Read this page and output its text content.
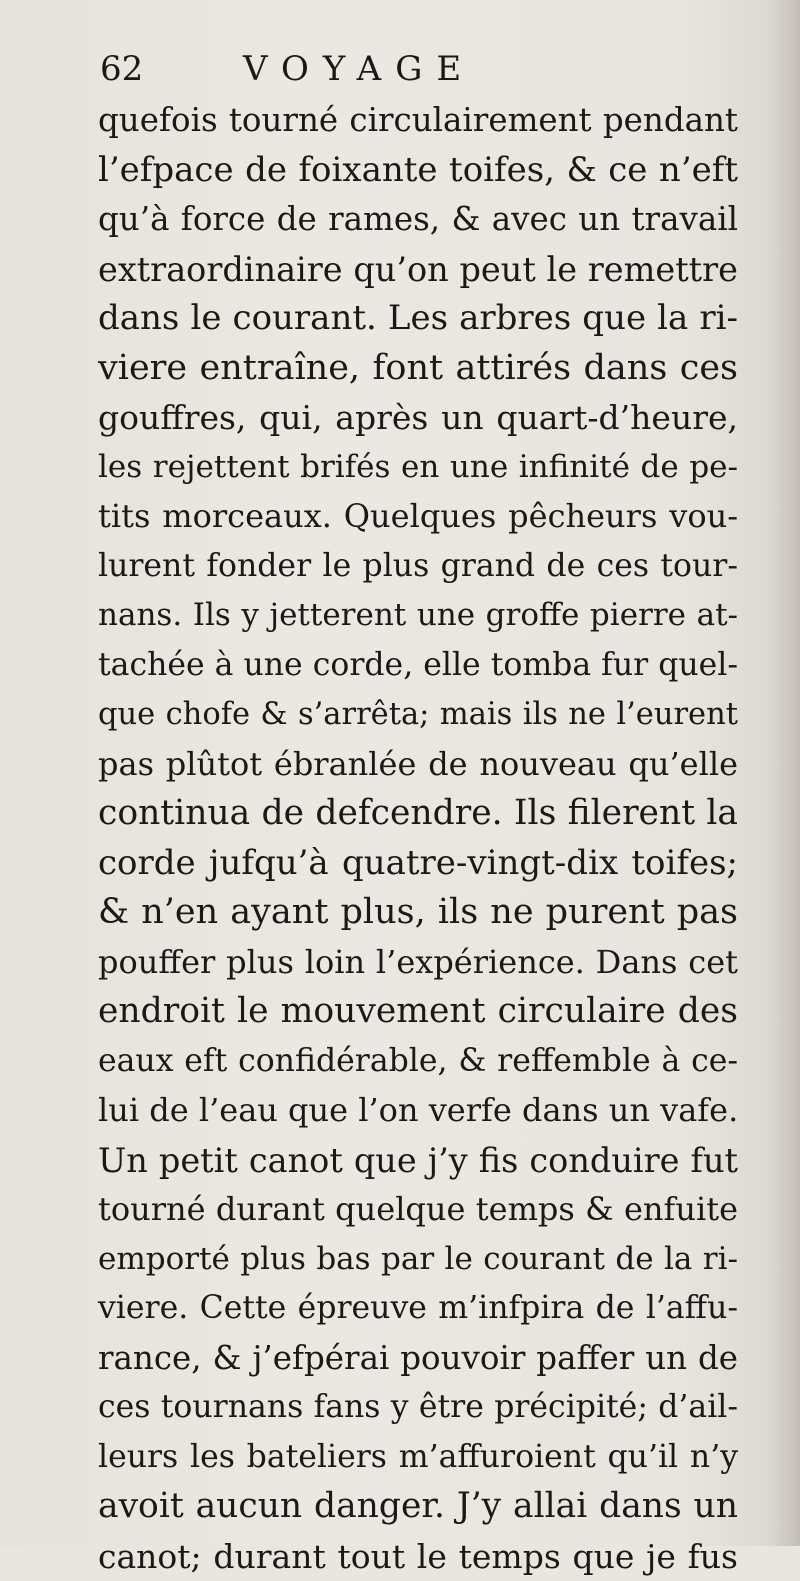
62	VOYAGE
quefois tourné circulairement pendant
l’efpace de foixante toifes, & ce n’eft
qu’à force de rames, & avec un travail
extraordinaire qu’on peut le remettre
dans le courant. Les arbres que la ri-
viere entraîne, font attirés dans ces
gouffres, qui, après un quart-d’heure,
les rejettent brifés en une infinité de pe-
tits morceaux. Quelques pêcheurs vou-
lurent fonder le plus grand de ces tour-
nans. Ils y jetterent une groffe pierre at-
tachée à une corde, elle tomba fur quel-
que chofe & s’arrêta; mais ils ne l’eurent
pas plûtot ébranlée de nouveau qu’elle
continua de defcendre. Ils filerent la
corde jufqu’à quatre-vingt-dix toifes;
& n’en ayant plus, ils ne purent pas
pouffer plus loin l’expérience. Dans cet
endroit le mouvement circulaire des
eaux eft confidérable, & reffemble à ce-
lui de l’eau que l’on verfe dans un vafe.
Un petit canot que j’y fis conduire fut
tourné durant quelque temps & enfuite
emporté plus bas par le courant de la ri-
viere. Cette épreuve m’infpira de l’affu-
rance, & j’efpérai pouvoir paffer un de
ces tournans fans y être précipité; d’ail-
leurs les bateliers m’affuroient qu’il n’y
avoit aucun danger. J’y allai dans un
canot; durant tout le temps que je fus
